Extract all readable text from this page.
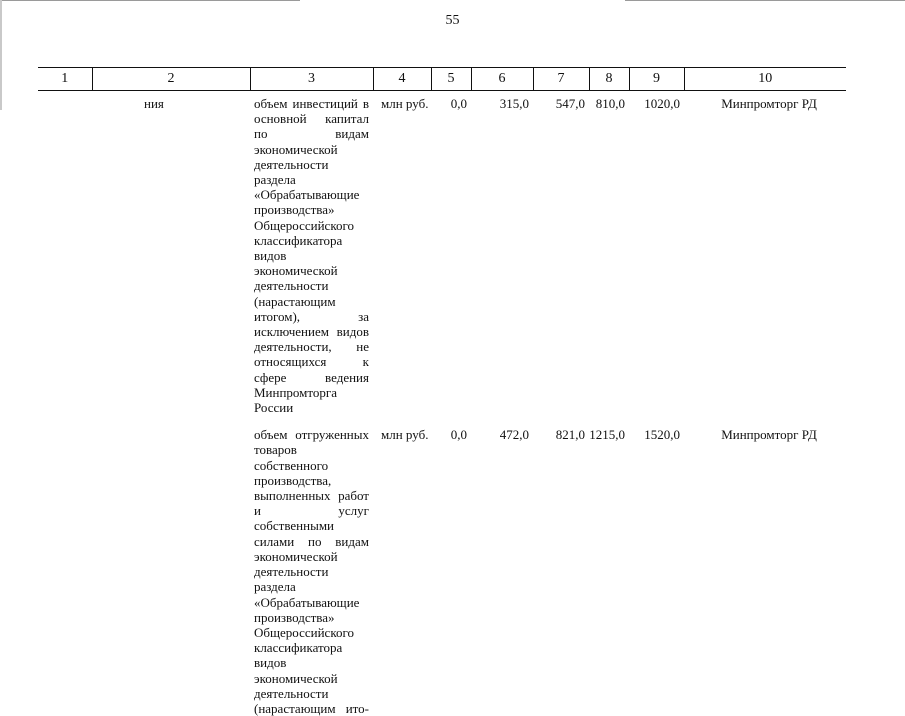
55
1	2	3	4	5	6	7	8	9	10
	ния	объем инвестиций в основной капитал по видам экономической деятельности раздела «Обрабатывающие производства» Общероссийского классификатора видов экономической деятельности (нарастающим итогом), за исключением видов деятельности, не относящихся к сфере ведения Минпромторга России	млн руб.	0,0	315,0	547,0	810,0	1020,0	Минпромторг РД

		объем отгруженных товаров собственного производства, выполненных работ и услуг собственными силами по видам экономической деятельности раздела «Обрабатывающие производства» Общероссийского классификатора видов экономической деятельности (нарастающим ито-	млн руб.	0,0	472,0	821,0	1215,0	1520,0	Минпромторг РД
